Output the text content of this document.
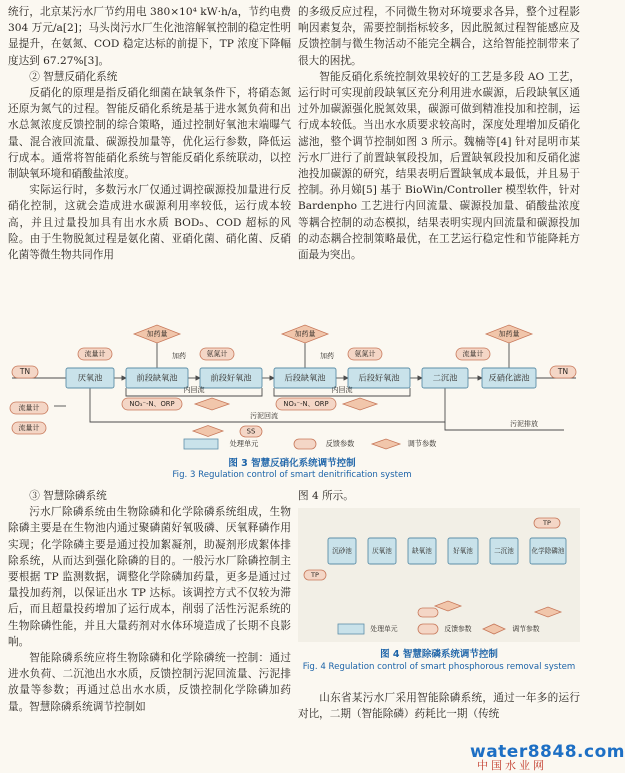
统行，北京某污水厂节约用电 380×10⁴ kW·h/a，节约电费 304 万元/a[2]；马头岗污水厂生化池溶解氧控制的稳定性明显提升，在氨氮、COD 稳定达标的前提下，TP 浓度下降幅度达到 67.27%[3]。

② 智慧反硝化系统

反硝化的原理是指反硝化细菌在缺氧条件下，将硝态氮还原为氮气的过程。智能反硝化系统是基于进水氮负荷和出水总氮浓度反馈控制的综合策略，通过控制好氧池末端曝气量、混合液回流量、碳源投加量等，优化运行参数，降低运行成本。通常将智能硝化系统与智能反硝化系统联动，以控制缺氧环境和硝酸盐浓度。

实际运行时，多数污水厂仅通过调控碳源投加量进行反硝化控制，这就会造成进水碳源利用率较低，运行成本较高，并且过量投加具有出水水质 BOD₅、COD 超标的风险。由于生物脱氮过程是氨化菌、亚硝化菌、硝化菌、反硝化菌等微生物共同作用

的多级反应过程，不同微生物对环境要求各异，整个过程影响因素复杂，需要控制指标较多，因此脱氮过程智能感应及反馈控制与微生物活动不能完全耦合，这给智能控制带来了很大的困扰。

智能反硝化系统控制效果较好的工艺是多段 AO 工艺，运行时可实现前段缺氧区充分利用进水碳源，后段缺氧区通过外加碳源强化脱氮效果，碳源可做到精准投加和控制，运行成本较低。当出水水质要求较高时，深度处理增加反硝化滤池，整个调节控制如图 3 所示。魏楠等[4] 针对昆明市某污水厂进行了前置缺氧段投加，后置缺氧段投加和反硝化滤池投加碳源的研究，结果表明后置缺氧成本最低，并且易于控制。孙月娣[5] 基于 BioWin/Controller 模型软件，针对 Bardenpho 工艺进行内回流量、碳源投加量、硝酸盐浓度等耦合控制的动态模拟，结果表明实现内回流量和碳源投加的动态耦合控制策略最优，在工艺运行稳定性和节能降耗方面最为突出。

厌氧池	前段缺氧池	前段好氧池	后段缺氧池	后段好氧池	二沉池	反硝化滤池
TN	TN
流量计
流量计	氨氮计	氨氮计	流量计
加药量	加药量	加药量
加药	加药
内回流	内回流
NO₃⁻-N、ORP	NO₃⁻-N、ORP
污泥回流
污泥排放
SS
流量计
处理单元	反馈参数	调节参数
图 3 智慧反硝化系统调节控制
Fig. 3 Regulation control of smart denitrification system

③ 智慧除磷系统

污水厂除磷系统由生物除磷和化学除磷系统组成，生物除磷主要是在生物池内通过聚磷菌好氧吸磷、厌氧释磷作用实现；化学除磷主要是通过投加絮凝剂，助凝剂形成絮体排除系统，从而达到强化除磷的目的。一般污水厂除磷控制主要根据 TP 监测数据，调整化学除磷加药量，更多是通过过量投加药剂，以保证出水 TP 达标。该调控方式不仅较为滞后，而且超量投药增加了运行成本，削弱了活性污泥系统的生物除磷性能，并且大量药剂对水体环境造成了长期不良影响。

智能除磷系统应将生物除磷和化学除磷统一控制：通过进水负荷、二沉池出水水质，反馈控制污泥回流量、污泥排放量等参数；再通过总出水水质，反馈控制化学除磷加药量。智慧除磷系统调节控制如

图 4 所示。

沉砂池	厌氧池	缺氧池	好氧池	二沉池	化学除磷池
TP
TP
处理单元	反馈参数	调节参数
图 4 智慧除磷系统调节控制
Fig. 4 Regulation control of smart phosphorous removal system

山东省某污水厂采用智能除磷系统，通过一年多的运行对比，二期（智能除磷）药耗比一期（传统

water8848.com
中国水业网
